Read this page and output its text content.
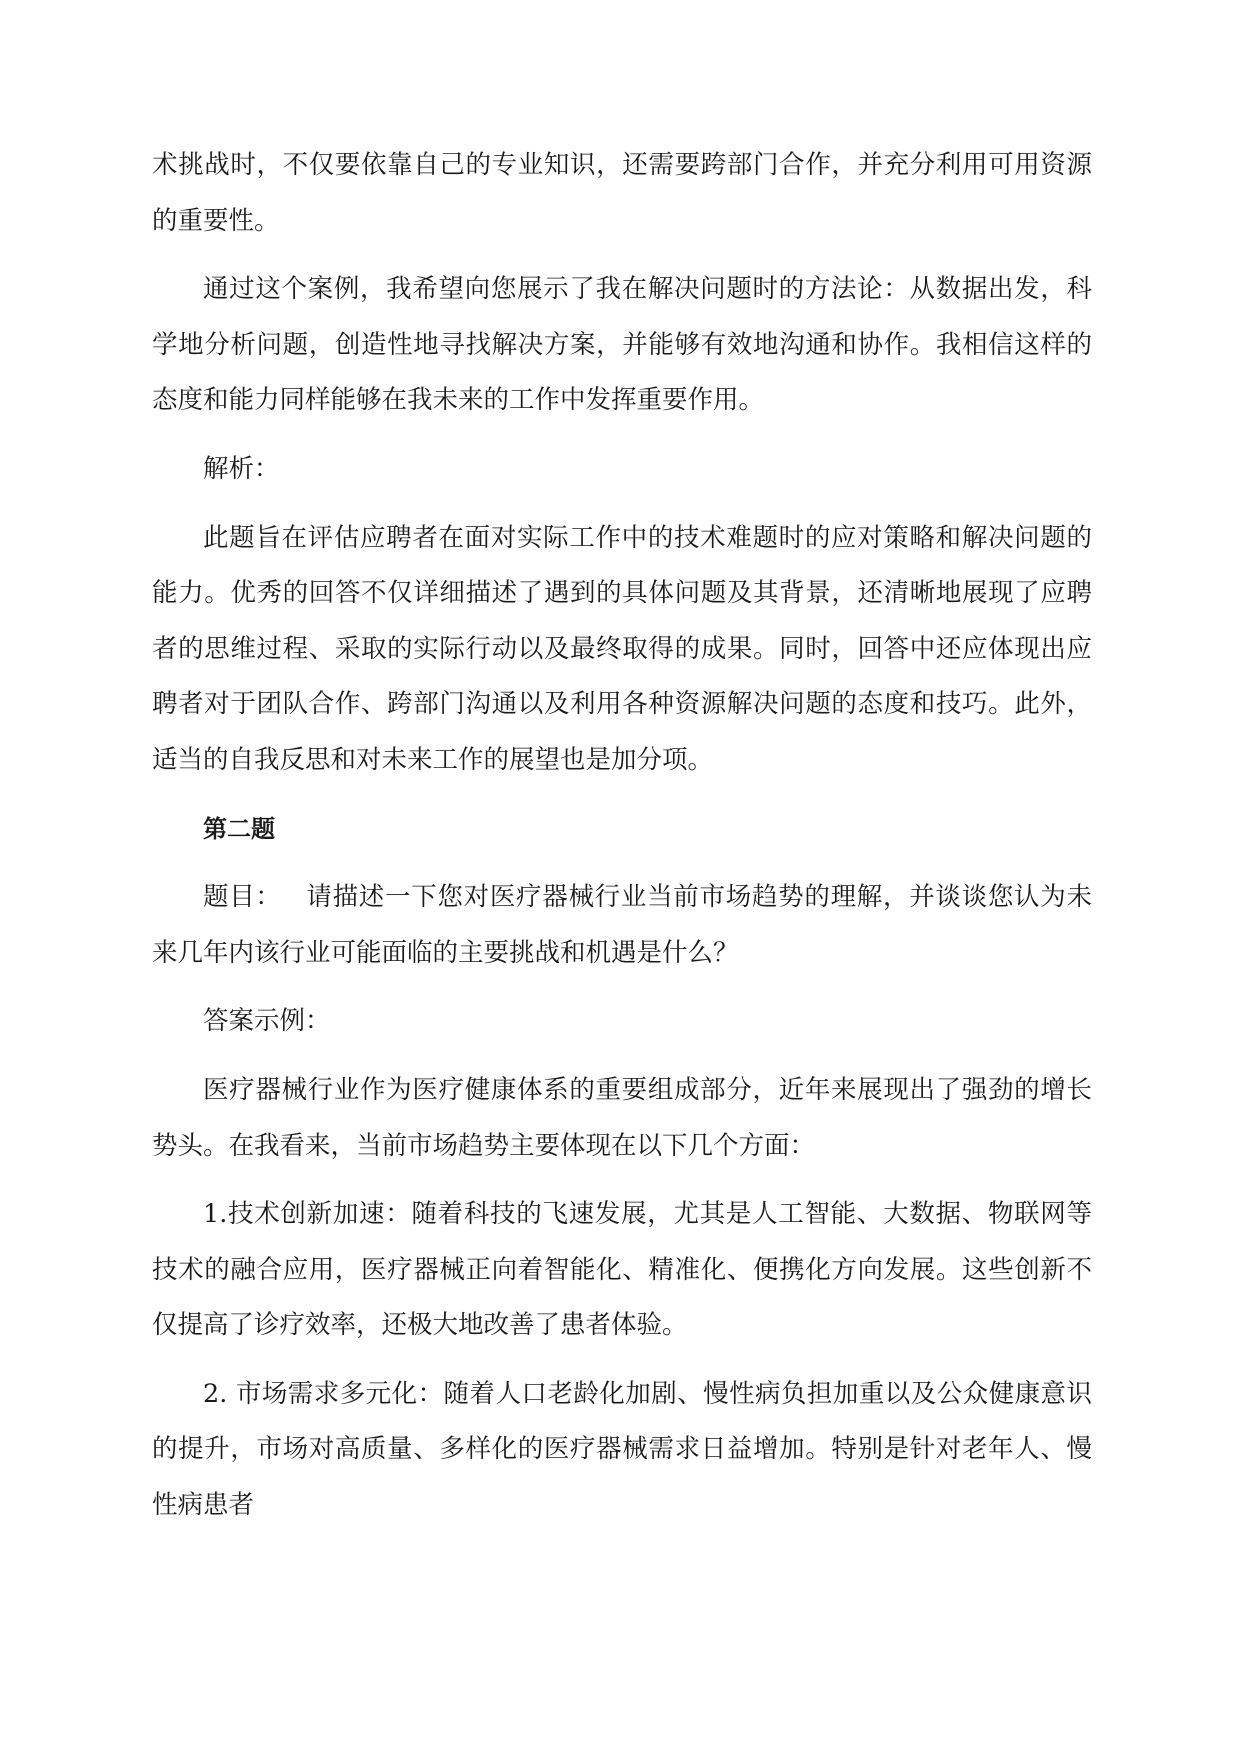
术挑战时，不仅要依靠自己的专业知识，还需要跨部门合作，并充分利用可用资源的重要性。

通过这个案例，我希望向您展示了我在解决问题时的方法论：从数据出发，科学地分析问题，创造性地寻找解决方案，并能够有效地沟通和协作。我相信这样的态度和能力同样能够在我未来的工作中发挥重要作用。

解析：

此题旨在评估应聘者在面对实际工作中的技术难题时的应对策略和解决问题的能力。优秀的回答不仅详细描述了遇到的具体问题及其背景，还清晰地展现了应聘者的思维过程、采取的实际行动以及最终取得的成果。同时，回答中还应体现出应聘者对于团队合作、跨部门沟通以及利用各种资源解决问题的态度和技巧。此外，适当的自我反思和对未来工作的展望也是加分项。

第二题

题目： 请描述一下您对医疗器械行业当前市场趋势的理解，并谈谈您认为未来几年内该行业可能面临的主要挑战和机遇是什么？

答案示例：

医疗器械行业作为医疗健康体系的重要组成部分，近年来展现出了强劲的增长势头。在我看来，当前市场趋势主要体现在以下几个方面：

1.技术创新加速：随着科技的飞速发展，尤其是人工智能、大数据、物联网等技术的融合应用，医疗器械正向着智能化、精准化、便携化方向发展。这些创新不仅提高了诊疗效率，还极大地改善了患者体验。

2. 市场需求多元化：随着人口老龄化加剧、慢性病负担加重以及公众健康意识的提升，市场对高质量、多样化的医疗器械需求日益增加。特别是针对老年人、慢性病患者
